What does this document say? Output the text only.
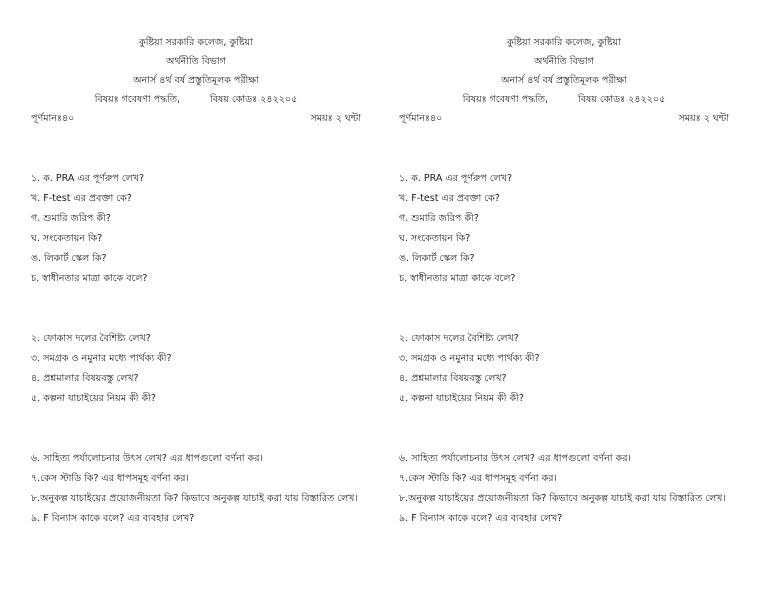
কুষ্টিয়া সরকারি কলেজ, কুষ্টিয়া
অর্থনীতি বিভাগ
অনার্স ৪র্থ বর্ষ প্রস্তুতিমূলক পরীক্ষা
বিষয়ঃ গবেষণা পদ্ধতি,	বিষয় কোডঃ ২৪২২০৫
পূর্ণমানঃ৪০	সময়ঃ ২ ঘন্টা
১. ক. PRA এর পূর্ণরুপ লেখ?
খ. F-test এর প্রবক্তা কে?
গ. শুমারি জরিপ কী?
ঘ. সংকেতায়ন কি?
ঙ. লিকার্ট স্কেল কি?
চ. স্বাধীনতার মাত্রা কাকে বলে?
২. ফোকাস দলের বৈশিষ্ট্য লেখ?
৩. সমগ্রক ও নমুনার মধ্যে পার্থক্য কী?
৪. প্রশ্নমালার বিষয়বস্তু লেখ?
৫. কল্পনা যাচাইয়ের নিয়ম কী কী?
৬. সাহিত্য পর্যালোচনার উৎস লেখ? এর ধাপগুলো বর্ণনা কর।
৭.কেস স্টাডি কি? এর ধাপসমূহ বর্ণনা কর।
৮.অনুকল্প যাচাইয়ের প্রয়োজনীয়তা কি? কিভাবে অনুকল্প যাচাই করা যায় বিস্তারিত লেখ।
৯. F বিন্যাস কাকে বলে? এর ব্যবহার লেখ?
কুষ্টিয়া সরকারি কলেজ, কুষ্টিয়া
অর্থনীতি বিভাগ
অনার্স ৪র্থ বর্ষ প্রস্তুতিমূলক পরীক্ষা
বিষয়ঃ গবেষণা পদ্ধতি,	বিষয় কোডঃ ২৪২২০৫
পূর্ণমানঃ৪০	সময়ঃ ২ ঘন্টা
১. ক. PRA এর পূর্ণরুপ লেখ?
খ. F-test এর প্রবক্তা কে?
গ. শুমারি জরিপ কী?
ঘ. সংকেতায়ন কি?
ঙ. লিকার্ট স্কেল কি?
চ. স্বাধীনতার মাত্রা কাকে বলে?
২. ফোকাস দলের বৈশিষ্ট্য লেখ?
৩. সমগ্রক ও নমুনার মধ্যে পার্থক্য কী?
৪. প্রশ্নমালার বিষয়বস্তু লেখ?
৫. কল্পনা যাচাইয়ের নিয়ম কী কী?
৬. সাহিত্য পর্যালোচনার উৎস লেখ? এর ধাপগুলো বর্ণনা কর।
৭.কেস স্টাডি কি? এর ধাপসমূহ বর্ণনা কর।
৮.অনুকল্প যাচাইয়ের প্রয়োজনীয়তা কি? কিভাবে অনুকল্প যাচাই করা যায় বিস্তারিত লেখ।
৯. F বিন্যাস কাকে বলে? এর ব্যবহার লেখ?
